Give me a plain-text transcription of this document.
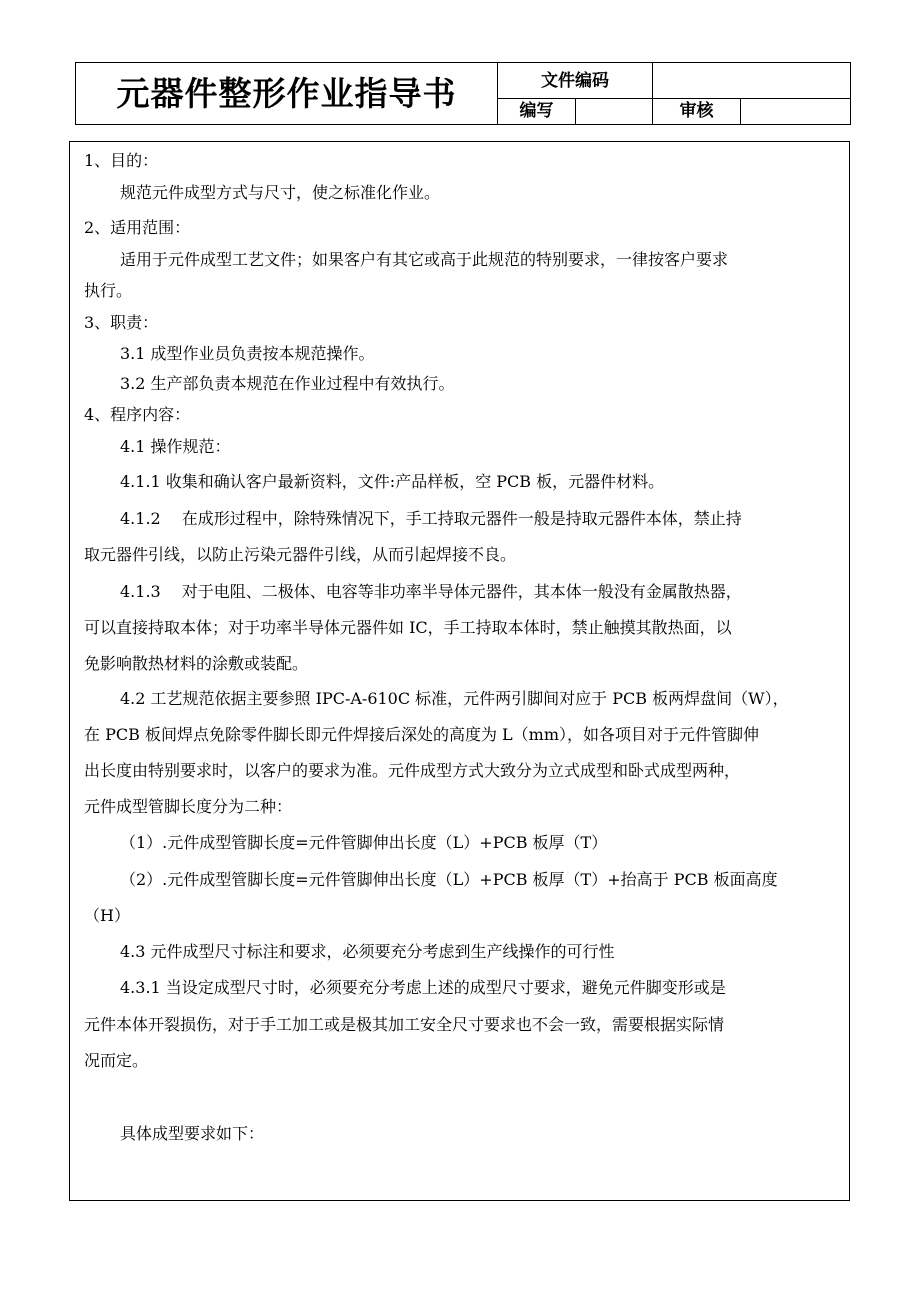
元器件整形作业指导书	文件编码
编写	审核
1、目的：
规范元件成型方式与尺寸，使之标准化作业。
2、适用范围：
适用于元件成型工艺文件；如果客户有其它或高于此规范的特别要求，一律按客户要求
执行。
3、职责：
3.1 成型作业员负责按本规范操作。
3.2 生产部负责本规范在作业过程中有效执行。
4、程序内容：
4.1 操作规范：
4.1.1 收集和确认客户最新资料，文件:产品样板，空 PCB 板，元器件材料。
4.1.2　 在成形过程中，除特殊情况下，手工持取元器件一般是持取元器件本体，禁止持
取元器件引线，以防止污染元器件引线，从而引起焊接不良。
4.1.3　 对于电阻、二极体、电容等非功率半导体元器件，其本体一般没有金属散热器，
可以直接持取本体；对于功率半导体元器件如 IC，手工持取本体时，禁止触摸其散热面，以
免影响散热材料的涂敷或装配。
4.2 工艺规范依据主要参照 IPC-A-610C 标准，元件两引脚间对应于 PCB 板两焊盘间（W），
在 PCB 板间焊点免除零件脚长即元件焊接后深处的高度为 L（mm），如各项目对于元件管脚伸
出长度由特别要求时，以客户的要求为准。元件成型方式大致分为立式成型和卧式成型两种，
元件成型管脚长度分为二种：
（1）.元件成型管脚长度=元件管脚伸出长度（L）+PCB 板厚（T）
（2）.元件成型管脚长度=元件管脚伸出长度（L）+PCB 板厚（T）+抬高于 PCB 板面高度
（H）
4.3 元件成型尺寸标注和要求，必须要充分考虑到生产线操作的可行性
4.3.1 当设定成型尺寸时，必须要充分考虑上述的成型尺寸要求，避免元件脚变形或是
元件本体开裂损伤，对于手工加工或是极其加工安全尺寸要求也不会一致，需要根据实际情
况而定。
具体成型要求如下：
